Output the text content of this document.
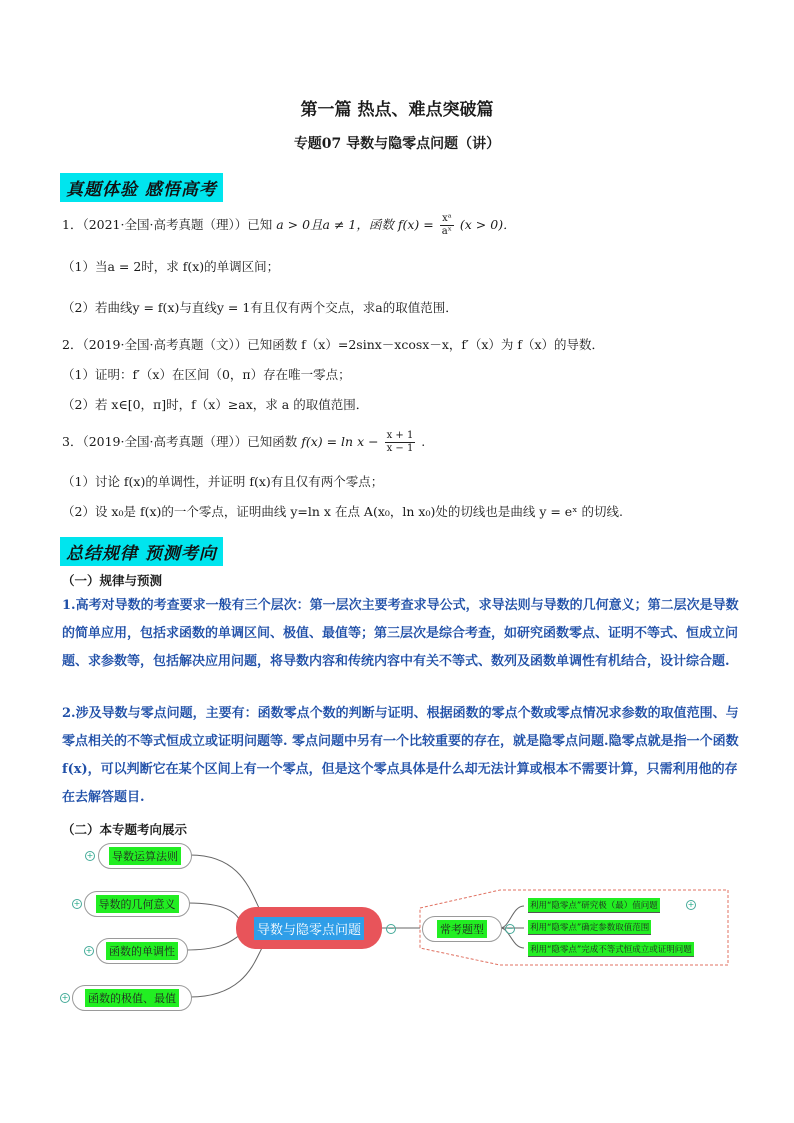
第一篇 热点、难点突破篇
专题07 导数与隐零点问题（讲）
真题体验 感悟高考
1．（2021·全国·高考真题（理））已知 a > 0且a ≠ 1，函数 $f(x) = \frac{\text{xᵃ}}{\text{aˣ}} (x > 0)$．
（1）当a = 2时，求 f(x)的单调区间；
（2）若曲线y = f(x)与直线y = 1有且仅有两个交点，求a的取值范围．
2．（2019·全国·高考真题（文））已知函数 f（x）=2sinx－xcosx－x，f′（x）为 f（x）的导数．
（1）证明：f′（x）在区间（0，π）存在唯一零点；
（2）若 x∈[0，π]时，f（x）≥ax，求 a 的取值范围．
3．（2019·全国·高考真题（理））已知函数 $f(x) = \ln x - \frac{x + 1}{x - 1}$ .
（1）讨论 f(x)的单调性，并证明 f(x)有且仅有两个零点；
（2）设 x₀是 f(x)的一个零点，证明曲线 y=ln x 在点 A(x₀，ln x₀)处的切线也是曲线 y = eˣ 的切线.
总结规律 预测考向
（一）规律与预测
1.高考对导数的考查要求一般有三个层次：第一层次主要考查求导公式，求导法则与导数的几何意义；第二层次是导数的简单应用，包括求函数的单调区间、极值、最值等；第三层次是综合考查，如研究函数零点、证明不等式、恒成立问题、求参数等，包括解决应用问题，将导数内容和传统内容中有关不等式、数列及函数单调性有机结合，设计综合题.
2.涉及导数与零点问题，主要有：函数零点个数的判断与证明、根据函数的零点个数或零点情况求参数的取值范围、与零点相关的不等式恒成立或证明问题等. 零点问题中另有一个比较重要的存在，就是隐零点问题.隐零点就是指一个函数 f(x)，可以判断它在某个区间上有一个零点，但是这个零点具体是什么却无法计算或根本不需要计算，只需利用他的存在去解答题目.
（二）本专题考向展示
导数运算法则
+
导数的几何意义
+
函数的单调性
+
函数的极值、最值
+
导数与隐零点问题	−	常考题型	−
利用“隐零点”研究极（最）值问题	+
利用“隐零点”确定参数取值范围
利用“隐零点”完成不等式恒成立或证明问题
